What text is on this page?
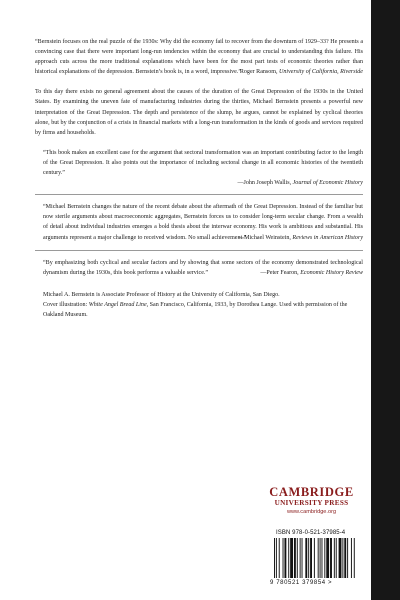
“Bernstein focuses on the real puzzle of the 1930s: Why did the economy fail to recover from the downturn of 1929–33? He presents a convincing case that there were important long-run tendencies within the economy that are crucial to understanding this failure. His approach cuts across the more traditional explanations which have been for the most part tests of economic theories rather than historical explanations of the depression. Bernstein’s book is, in a word, impressive.”

Roger Ransom, University of California, Riverside

To this day there exists no general agreement about the causes of the duration of the Great Depression of the 1930s in the United States. By examining the uneven fate of manufacturing industries during the thirties, Michael Bernstein presents a powerful new interpretation of the Great Depression. The depth and persistence of the slump, he argues, cannot be explained by cyclical theories alone, but by the conjunction of a crisis in financial markets with a long-run transformation in the kinds of goods and services required by firms and households.

“This book makes an excellent case for the argument that sectoral transformation was an important contributing factor to the length of the Great Depression. It also points out the importance of including sectoral change in all economic histories of the twentieth century.”

—John Joseph Wallis, Journal of Economic History

“Michael Bernstein changes the nature of the recent debate about the aftermath of the Great Depression. Instead of the familiar but now sterile arguments about macroeconomic aggregates, Bernstein forces us to consider long-term secular change. From a wealth of detail about individual industries emerges a bold thesis about the interwar economy. His work is ambitious and substantial. His arguments represent a major challenge to received wisdom. No small achievement.”

—Michael Weinstein, Reviews in American History

“By emphasizing both cyclical and secular factors and by showing that some sectors of the economy demonstrated technological dynamism during the 1930s, this book performs a valuable service.”	—Peter Fearon, Economic History Review

Michael A. Bernstein is Associate Professor of History at the University of California, San Diego.

Cover illustration: White Angel Bread Line, San Francisco, California, 1933, by Dorothea Lange. Used with permission of the Oakland Museum.

CAMBRIDGE

UNIVERSITY PRESS

www.cambridge.org

ISBN 978-0-521-37985-4
9 780521 379854 >
